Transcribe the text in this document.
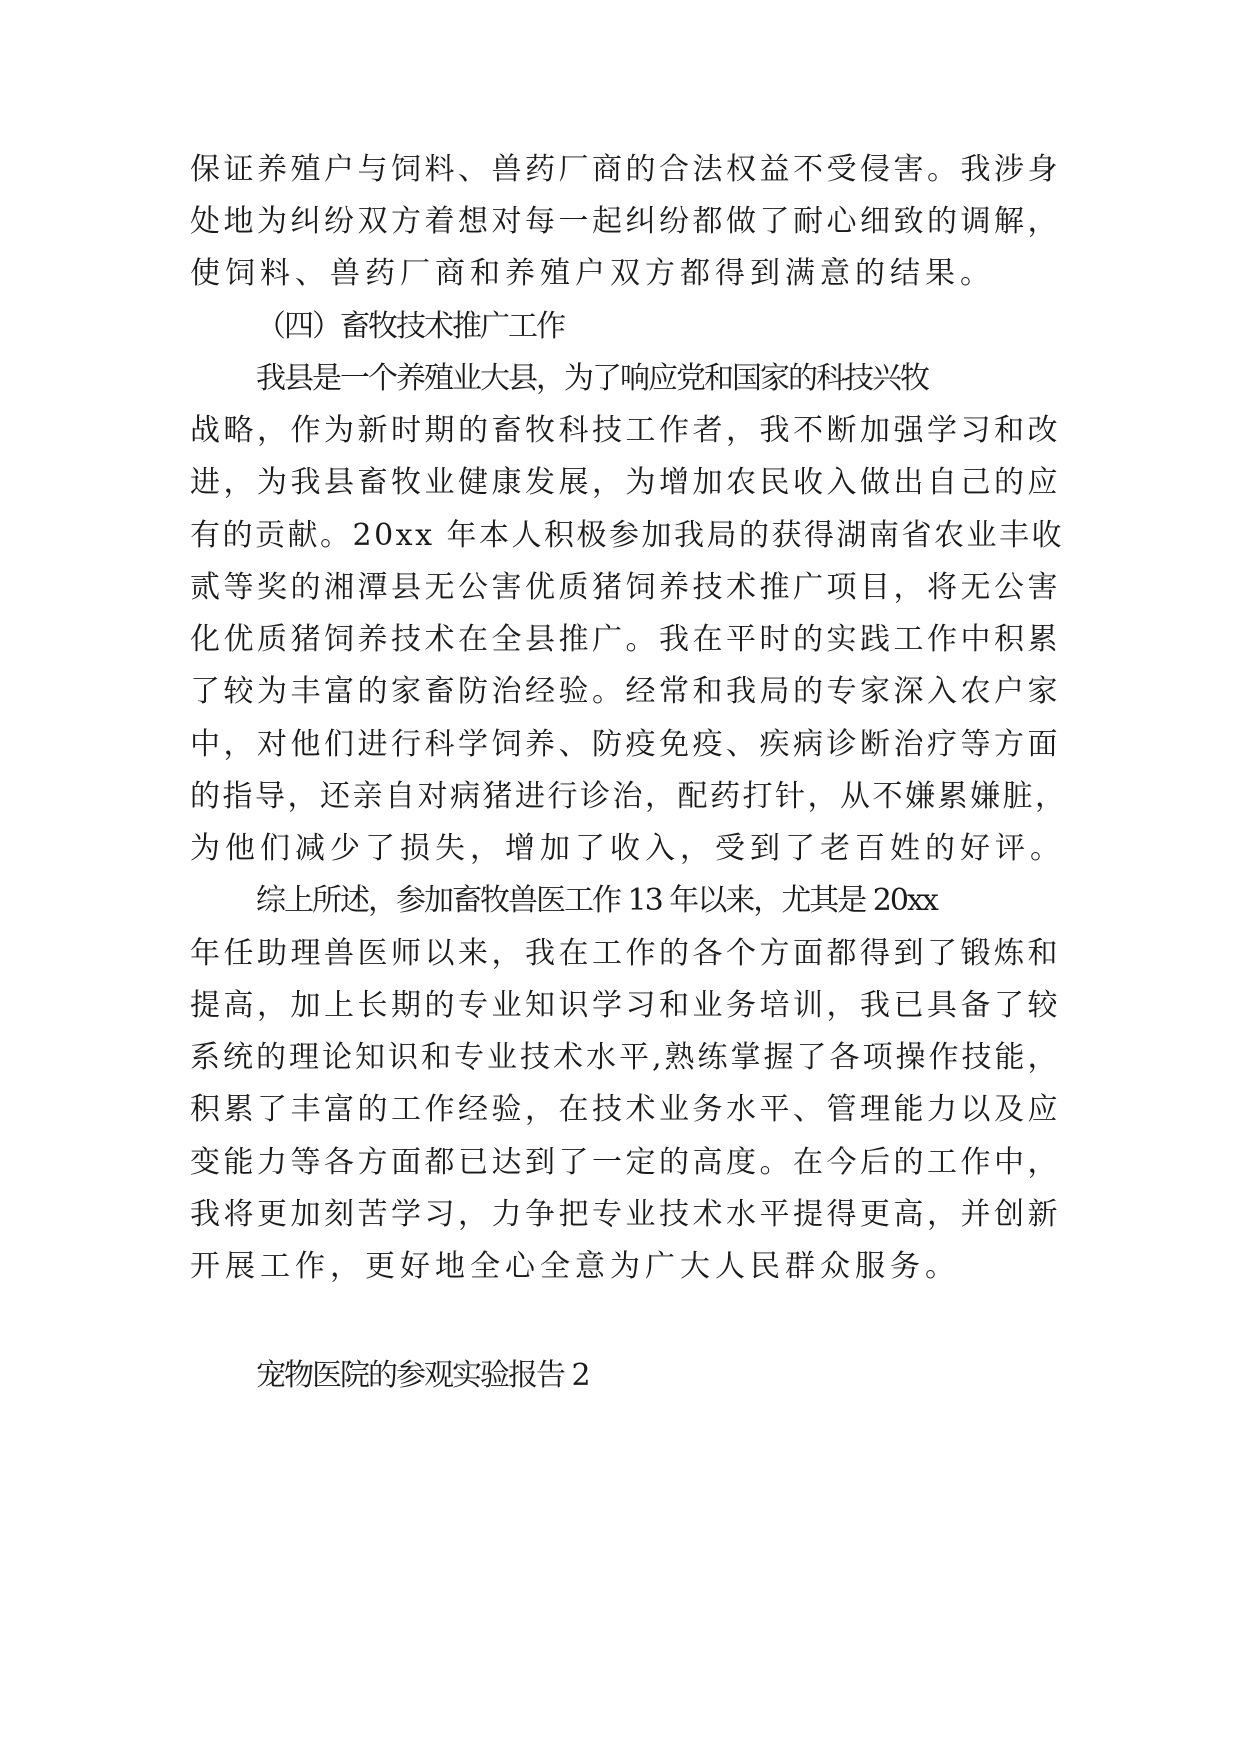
保证养殖户与饲料、兽药厂商的合法权益不受侵害。我涉身
处地为纠纷双方着想对每一起纠纷都做了耐心细致的调解，
使饲料、兽药厂商和养殖户双方都得到满意的结果。
（四）畜牧技术推广工作
我县是一个养殖业大县，为了响应党和国家的科技兴牧
战略，作为新时期的畜牧科技工作者，我不断加强学习和改
进，为我县畜牧业健康发展，为增加农民收入做出自己的应
有的贡献。20xx 年本人积极参加我局的获得湖南省农业丰收
贰等奖的湘潭县无公害优质猪饲养技术推广项目，将无公害
化优质猪饲养技术在全县推广。我在平时的实践工作中积累
了较为丰富的家畜防治经验。经常和我局的专家深入农户家
中，对他们进行科学饲养、防疫免疫、疾病诊断治疗等方面
的指导，还亲自对病猪进行诊治，配药打针，从不嫌累嫌脏，
为他们减少了损失，增加了收入，受到了老百姓的好评。
综上所述，参加畜牧兽医工作 13 年以来，尤其是 20xx
年任助理兽医师以来，我在工作的各个方面都得到了锻炼和
提高，加上长期的专业知识学习和业务培训，我已具备了较
系统的理论知识和专业技术水平,熟练掌握了各项操作技能，
积累了丰富的工作经验，在技术业务水平、管理能力以及应
变能力等各方面都已达到了一定的高度。在今后的工作中，
我将更加刻苦学习，力争把专业技术水平提得更高，并创新
开展工作，更好地全心全意为广大人民群众服务。
宠物医院的参观实验报告 2
